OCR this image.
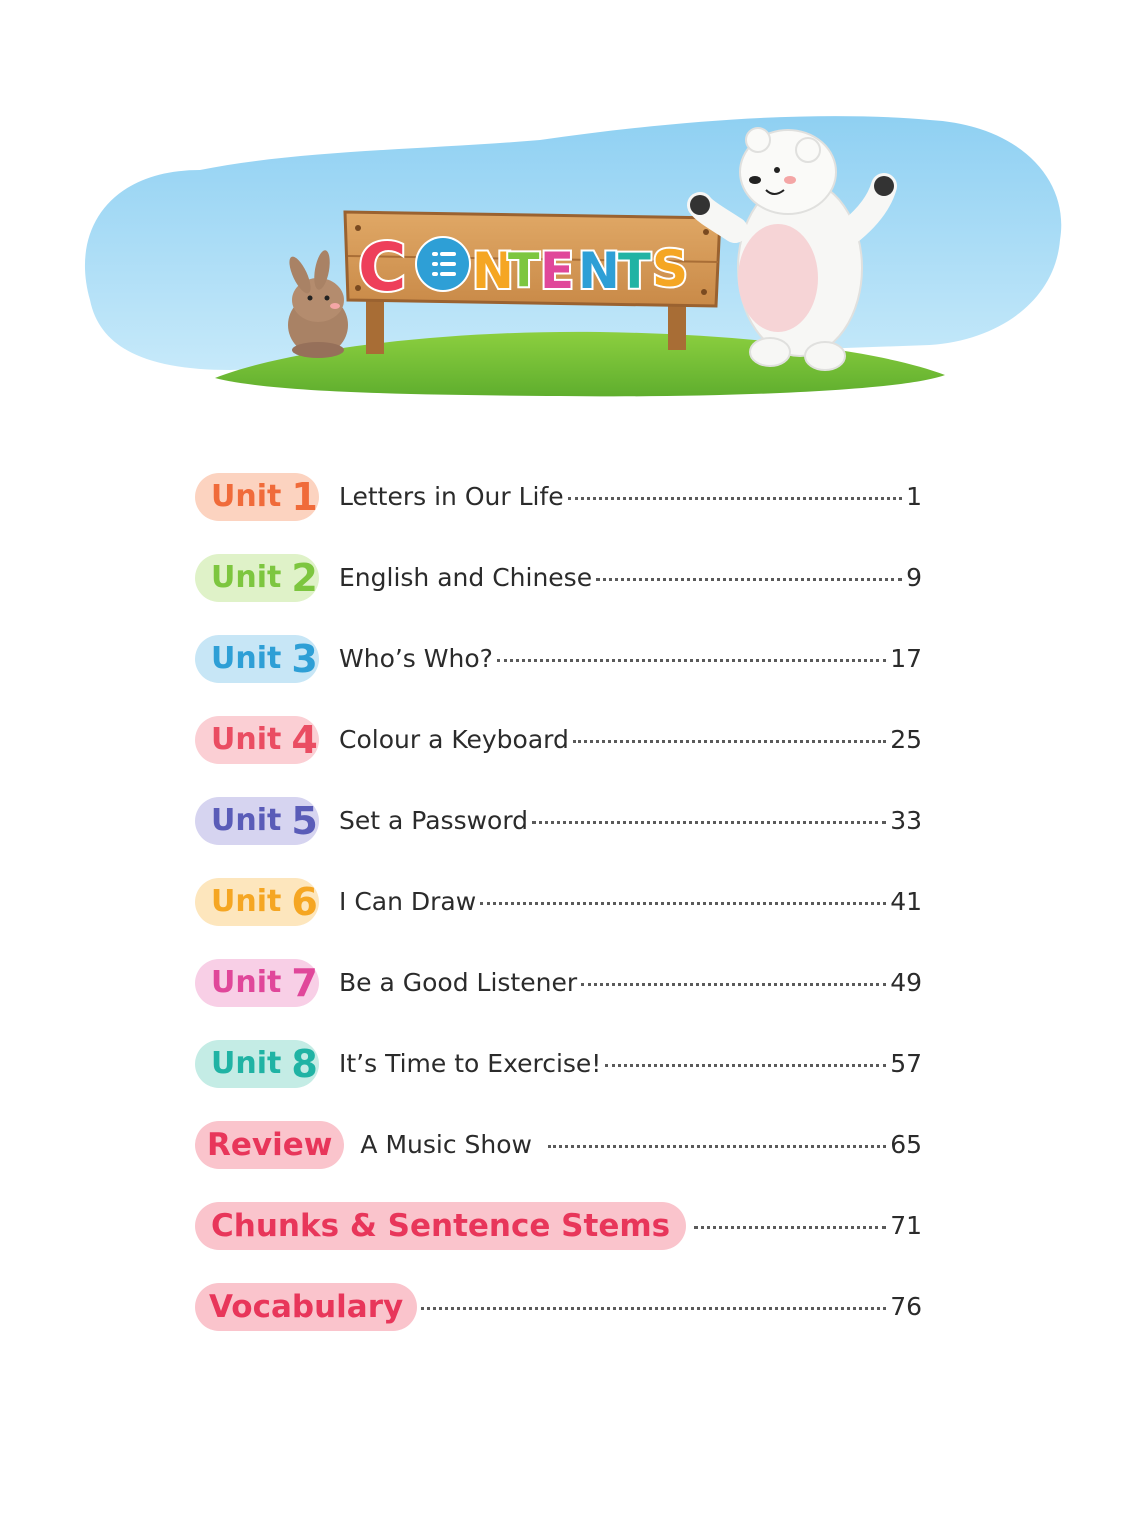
C N
T E N
T S
Unit 1 Letters in Our Life	1
Unit 2 English and Chinese	9
Unit 3 Who’s Who?	17
Unit 4 Colour a Keyboard	25
Unit 5 Set a Password	33
Unit 6 I Can Draw	41
Unit 7 Be a Good Listener	49
Unit 8 It’s Time to Exercise!	57
Review	A Music Show	65
Chunks & Sentence Stems	71
Vocabulary	76
